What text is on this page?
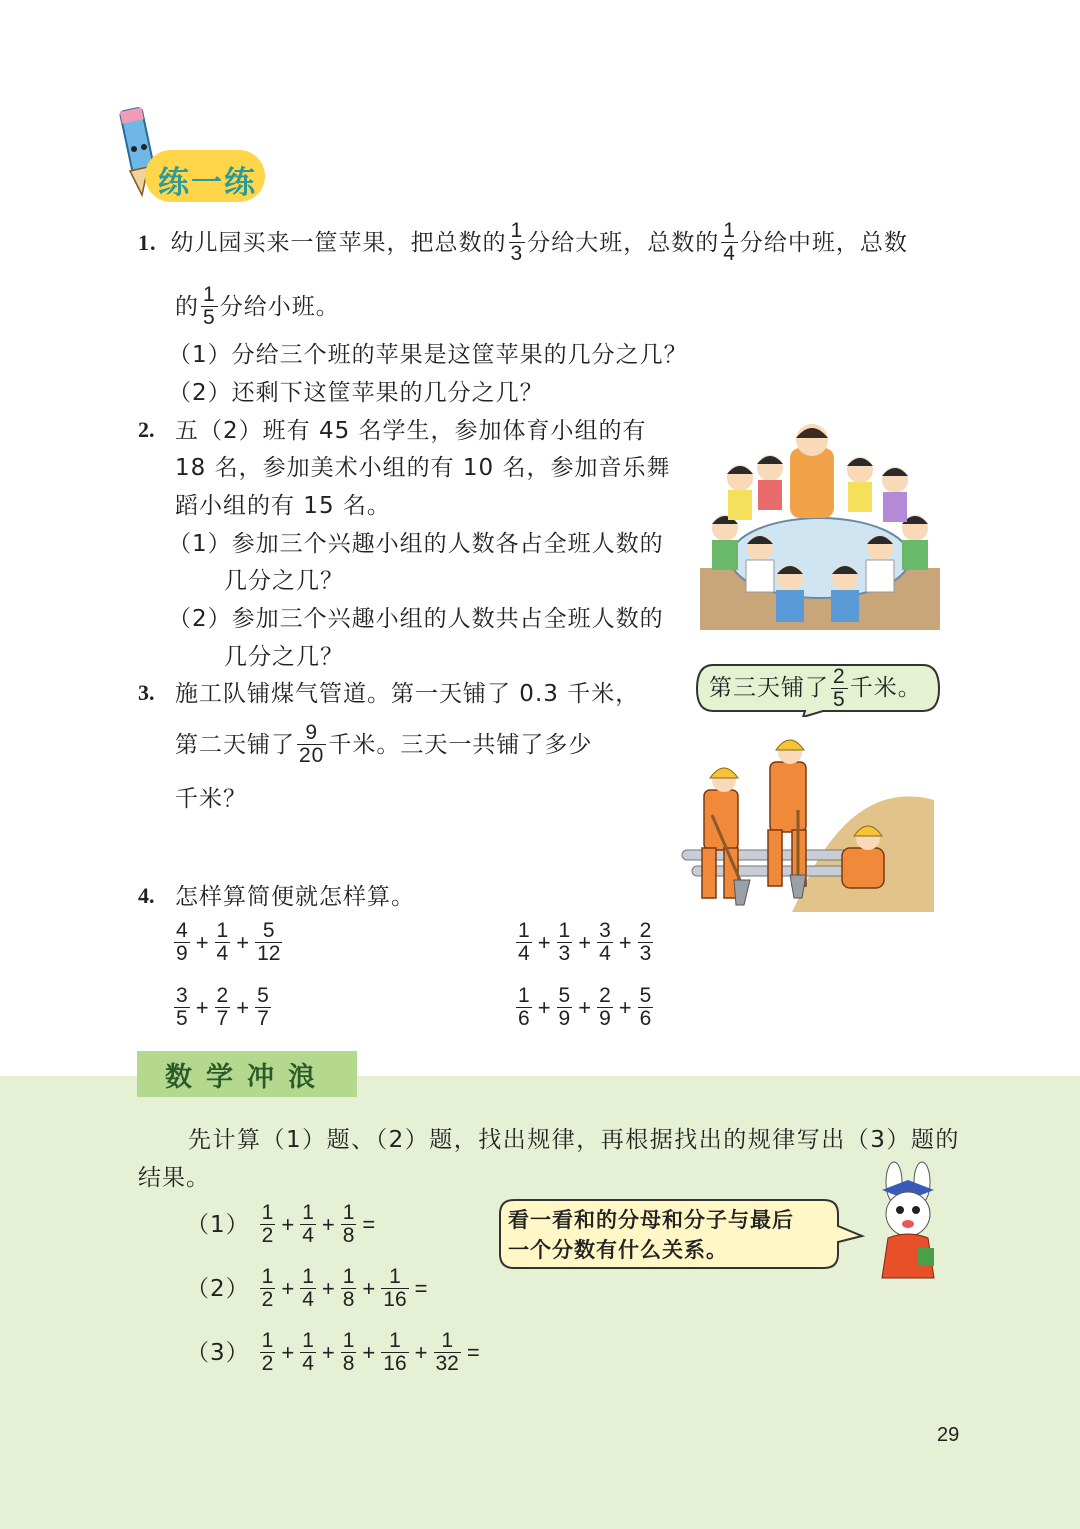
练一练
1. 幼儿园买来一筐苹果，把总数的 $\frac{1}{3}$ 分给大班，总数的 $\frac{1}{4}$ 分给中班，总数
的 $\frac{1}{5}$ 分给小班。
（1）分给三个班的苹果是这筐苹果的几分之几？
（2）还剩下这筐苹果的几分之几？
2. 五（2）班有 45 名学生，参加体育小组的有
18 名，参加美术小组的有 10 名，参加音乐舞
蹈小组的有 15 名。
（1）参加三个兴趣小组的人数各占全班人数的
几分之几？
（2）参加三个兴趣小组的人数共占全班人数的
几分之几？
3. 施工队铺煤气管道。第一天铺了 0.3 千米，
第二天铺了 $\frac{9}{20}$ 千米。三天一共铺了多少
千米？
第三天铺了 $\frac{2}{5}$ 千米。
4. 怎样算简便就怎样算。
$\frac{4}{9} + \frac{1}{4} + \frac{5}{12}$	$\frac{1}{4} + \frac{1}{3} + \frac{3}{4} + \frac{2}{3}$
$\frac{3}{5} + \frac{2}{7} + \frac{5}{7}$	$\frac{1}{6} + \frac{5}{9} + \frac{2}{9} + \frac{5}{6}$
数学冲浪
先计算（1）题、（2）题，找出规律，再根据找出的规律写出（3）题的
结果。
$(1) \frac{1}{2} + \frac{1}{4} + \frac{1}{8}$ =
$(2) \frac{1}{2} + \frac{1}{4} + \frac{1}{8} + \frac{1}{16}$ =
$(3) \frac{1}{2} + \frac{1}{4} + \frac{1}{8} + \frac{1}{16} + \frac{1}{32}$ =
看一看和的分母和分子与最后
一个分数有什么关系。
29
